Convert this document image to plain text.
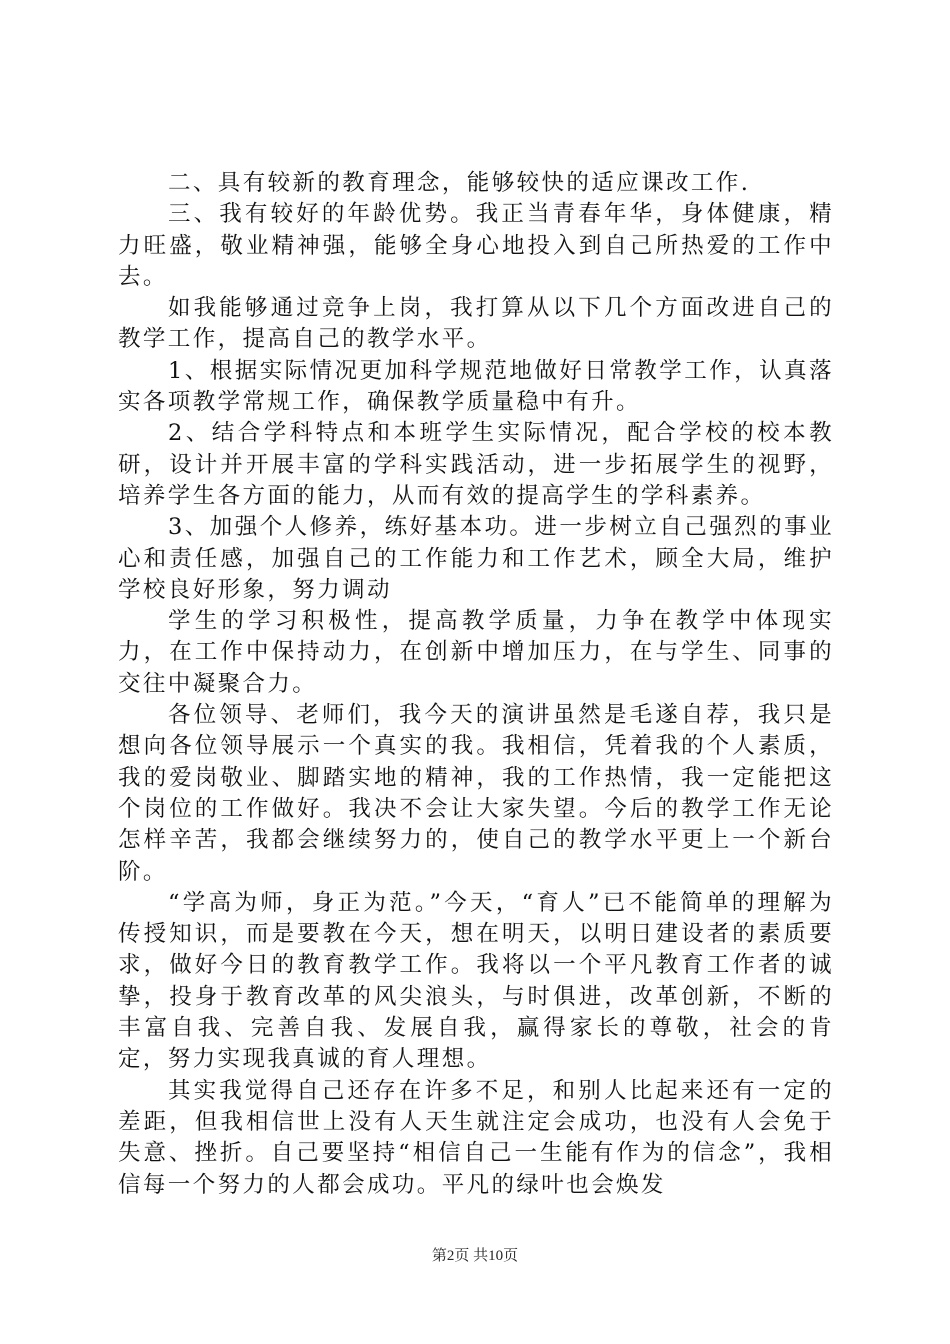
二、具有较新的教育理念，能够较快的适应课改工作.

三、我有较好的年龄优势。我正当青春年华，身体健康，精力旺盛，敬业精神强，能够全身心地投入到自己所热爱的工作中去。

如我能够通过竞争上岗，我打算从以下几个方面改进自己的教学工作，提高自己的教学水平。

1、根据实际情况更加科学规范地做好日常教学工作，认真落实各项教学常规工作，确保教学质量稳中有升。

2、结合学科特点和本班学生实际情况，配合学校的校本教研，设计并开展丰富的学科实践活动，进一步拓展学生的视野，培养学生各方面的能力，从而有效的提高学生的学科素养。

3、加强个人修养，练好基本功。进一步树立自己强烈的事业心和责任感，加强自己的工作能力和工作艺术，顾全大局，维护学校良好形象，努力调动

学生的学习积极性，提高教学质量，力争在教学中体现实力，在工作中保持动力，在创新中增加压力，在与学生、同事的交往中凝聚合力。

各位领导、老师们，我今天的演讲虽然是毛遂自荐，我只是想向各位领导展示一个真实的我。我相信，凭着我的个人素质，我的爱岗敬业、脚踏实地的精神，我的工作热情，我一定能把这个岗位的工作做好。我决不会让大家失望。今后的教学工作无论怎样辛苦，我都会继续努力的，使自己的教学水平更上一个新台阶。

“学高为师，身正为范。”今天，“育人”已不能简单的理解为传授知识，而是要教在今天，想在明天，以明日建设者的素质要求，做好今日的教育教学工作。我将以一个平凡教育工作者的诚挚，投身于教育改革的风尖浪头，与时俱进，改革创新，不断的丰富自我、完善自我、发展自我，赢得家长的尊敬，社会的肯定，努力实现我真诚的育人理想。

其实我觉得自己还存在许多不足，和别人比起来还有一定的差距，但我相信世上没有人天生就注定会成功，也没有人会免于失意、挫折。自己要坚持“相信自己一生能有作为的信念”，我相信每一个努力的人都会成功。平凡的绿叶也会焕发

第2页 共10页
